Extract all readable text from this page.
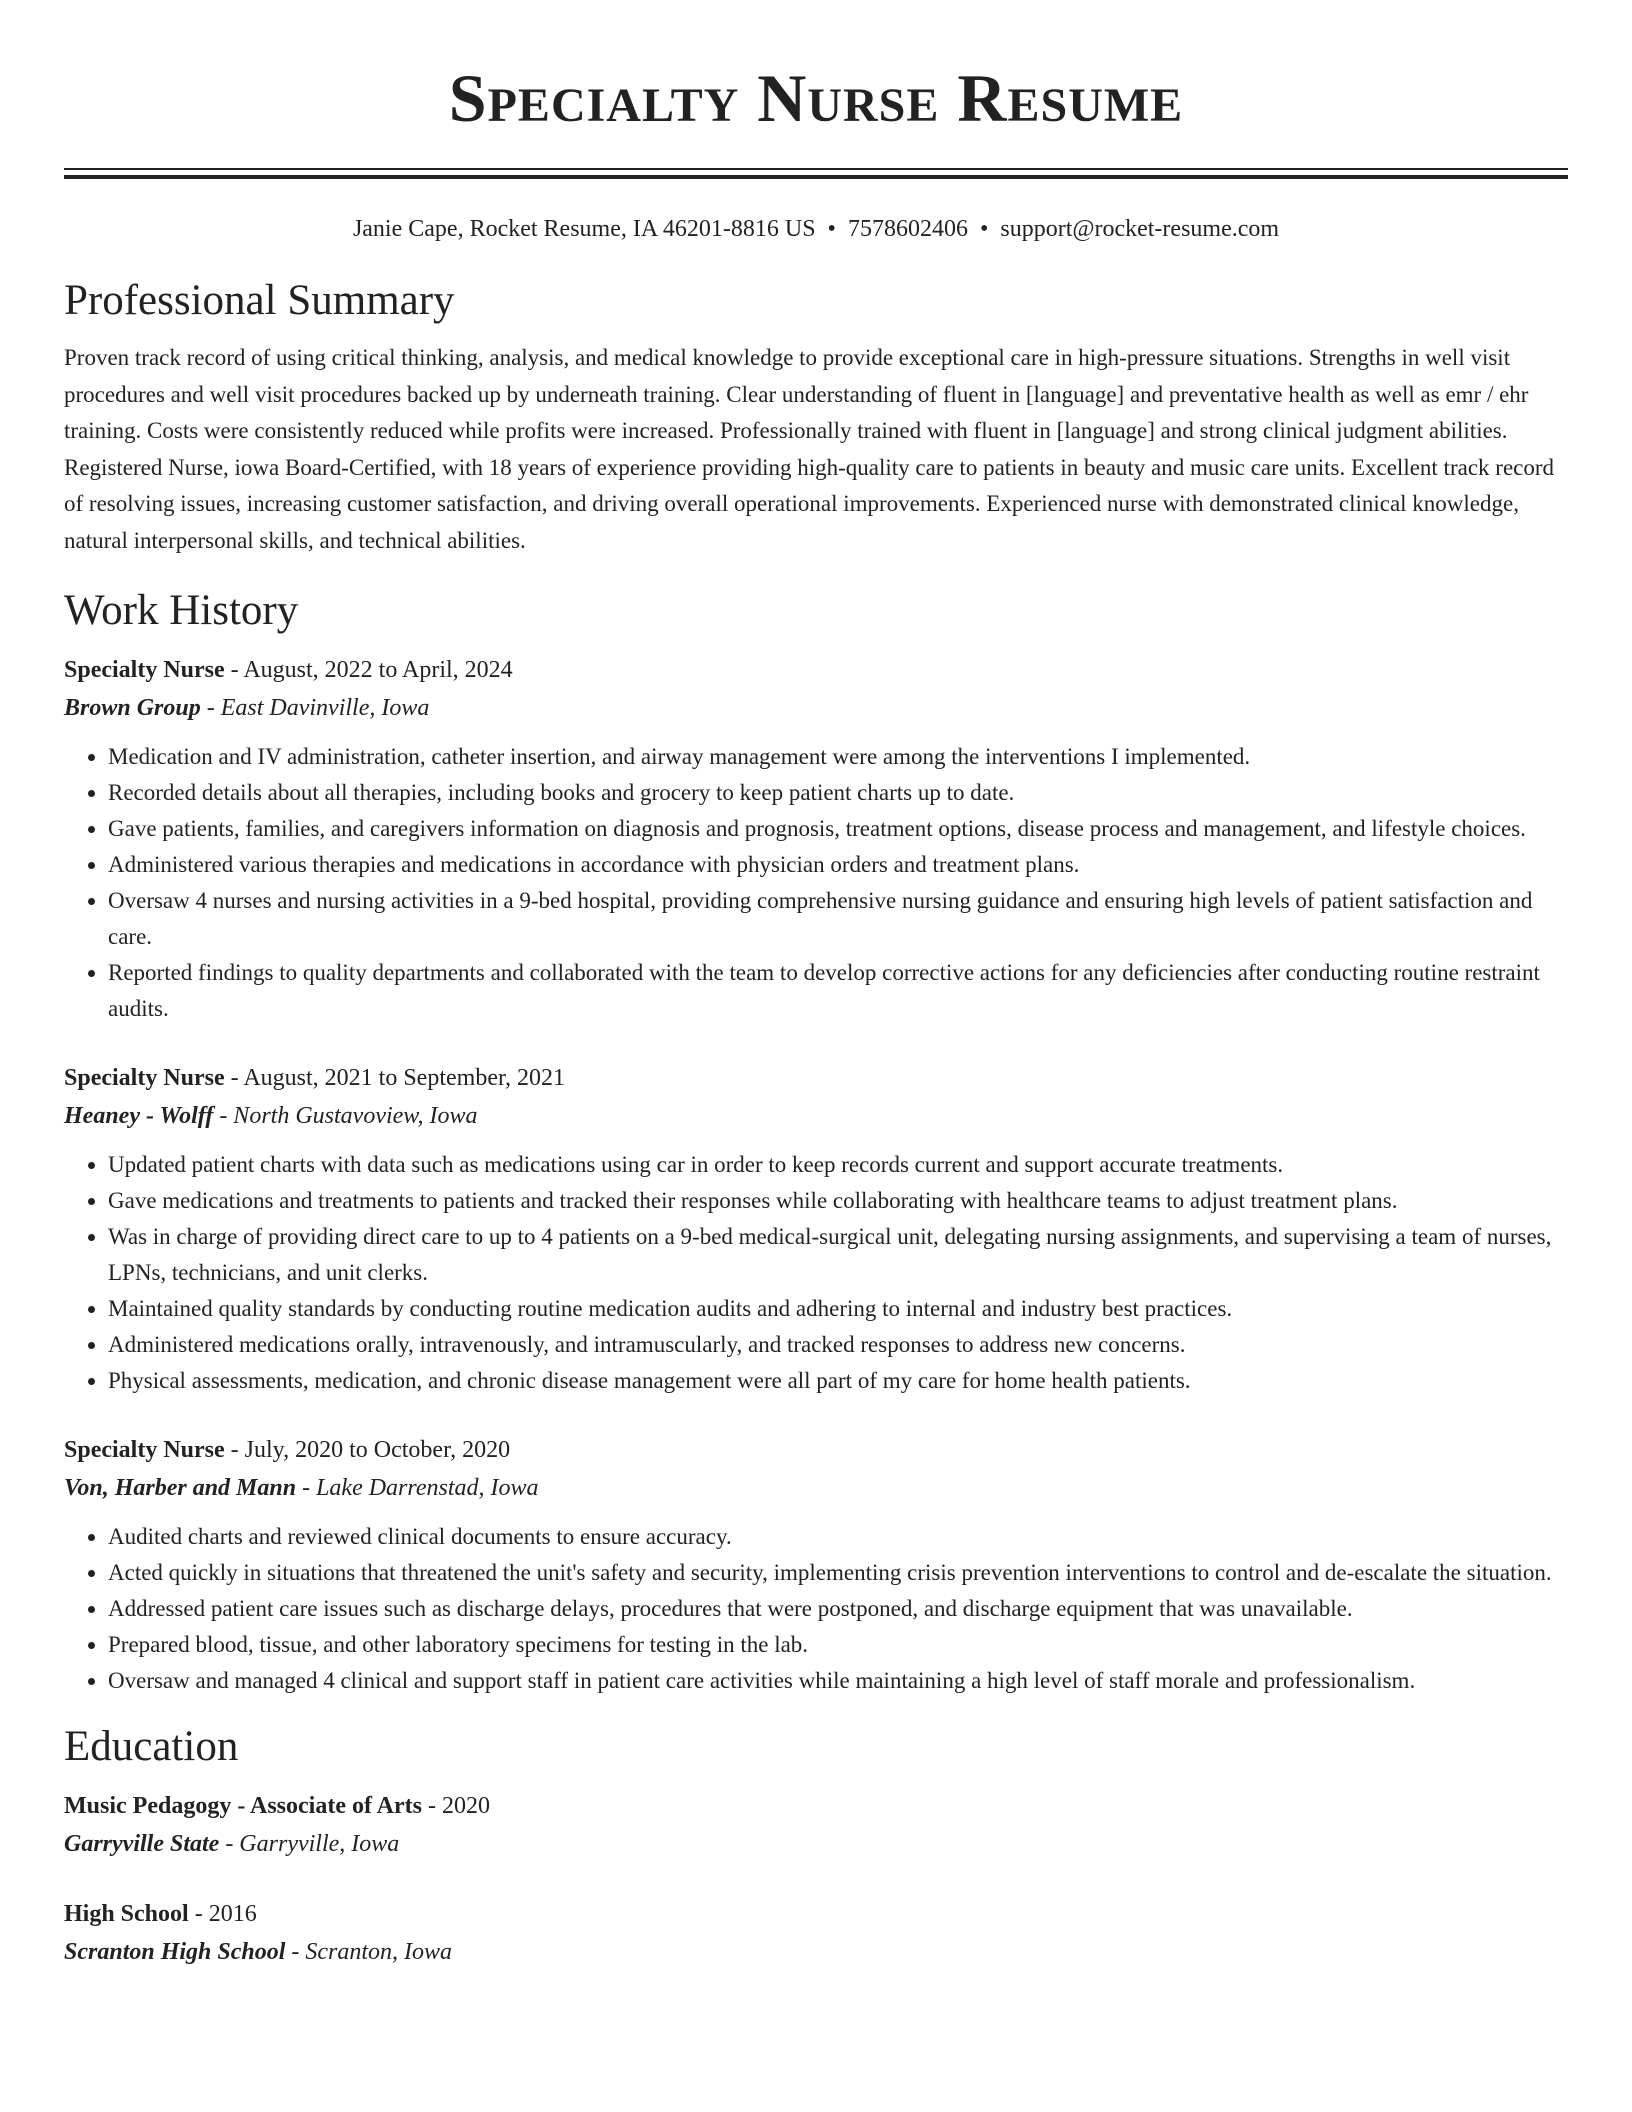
Specialty Nurse Resume
Janie Cape, Rocket Resume, IA 46201-8816 US • 7578602406 • support@rocket-resume.com
Professional Summary

Proven track record of using critical thinking, analysis, and medical knowledge to provide exceptional care in high-pressure situations. Strengths in well visit procedures and well visit procedures backed up by underneath training. Clear understanding of fluent in [language] and preventative health as well as emr / ehr training. Costs were consistently reduced while profits were increased. Professionally trained with fluent in [language] and strong clinical judgment abilities. Registered Nurse, iowa Board-Certified, with 18 years of experience providing high-quality care to patients in beauty and music care units. Excellent track record of resolving issues, increasing customer satisfaction, and driving overall operational improvements. Experienced nurse with demonstrated clinical knowledge, natural interpersonal skills, and technical abilities.

Work History

Specialty Nurse - August, 2022 to April, 2024

Brown Group - East Davinville, Iowa

• Medication and IV administration, catheter insertion, and airway management were among the interventions I implemented.
• Recorded details about all therapies, including books and grocery to keep patient charts up to date.
• Gave patients, families, and caregivers information on diagnosis and prognosis, treatment options, disease process and management, and lifestyle choices.
• Administered various therapies and medications in accordance with physician orders and treatment plans.
• Oversaw 4 nurses and nursing activities in a 9-bed hospital, providing comprehensive nursing guidance and ensuring high levels of patient satisfaction and care.
• Reported findings to quality departments and collaborated with the team to develop corrective actions for any deficiencies after conducting routine restraint audits.

Specialty Nurse - August, 2021 to September, 2021

Heaney - Wolff - North Gustavoview, Iowa

• Updated patient charts with data such as medications using car in order to keep records current and support accurate treatments.
• Gave medications and treatments to patients and tracked their responses while collaborating with healthcare teams to adjust treatment plans.
• Was in charge of providing direct care to up to 4 patients on a 9-bed medical-surgical unit, delegating nursing assignments, and supervising a team of nurses, LPNs, technicians, and unit clerks.
• Maintained quality standards by conducting routine medication audits and adhering to internal and industry best practices.
• Administered medications orally, intravenously, and intramuscularly, and tracked responses to address new concerns.
• Physical assessments, medication, and chronic disease management were all part of my care for home health patients.

Specialty Nurse - July, 2020 to October, 2020

Von, Harber and Mann - Lake Darrenstad, Iowa

• Audited charts and reviewed clinical documents to ensure accuracy.
• Acted quickly in situations that threatened the unit's safety and security, implementing crisis prevention interventions to control and de-escalate the situation.
• Addressed patient care issues such as discharge delays, procedures that were postponed, and discharge equipment that was unavailable.
• Prepared blood, tissue, and other laboratory specimens for testing in the lab.
• Oversaw and managed 4 clinical and support staff in patient care activities while maintaining a high level of staff morale and professionalism.
Education

Music Pedagogy - Associate of Arts - 2020

Garryville State - Garryville, Iowa

High School - 2016

Scranton High School - Scranton, Iowa
